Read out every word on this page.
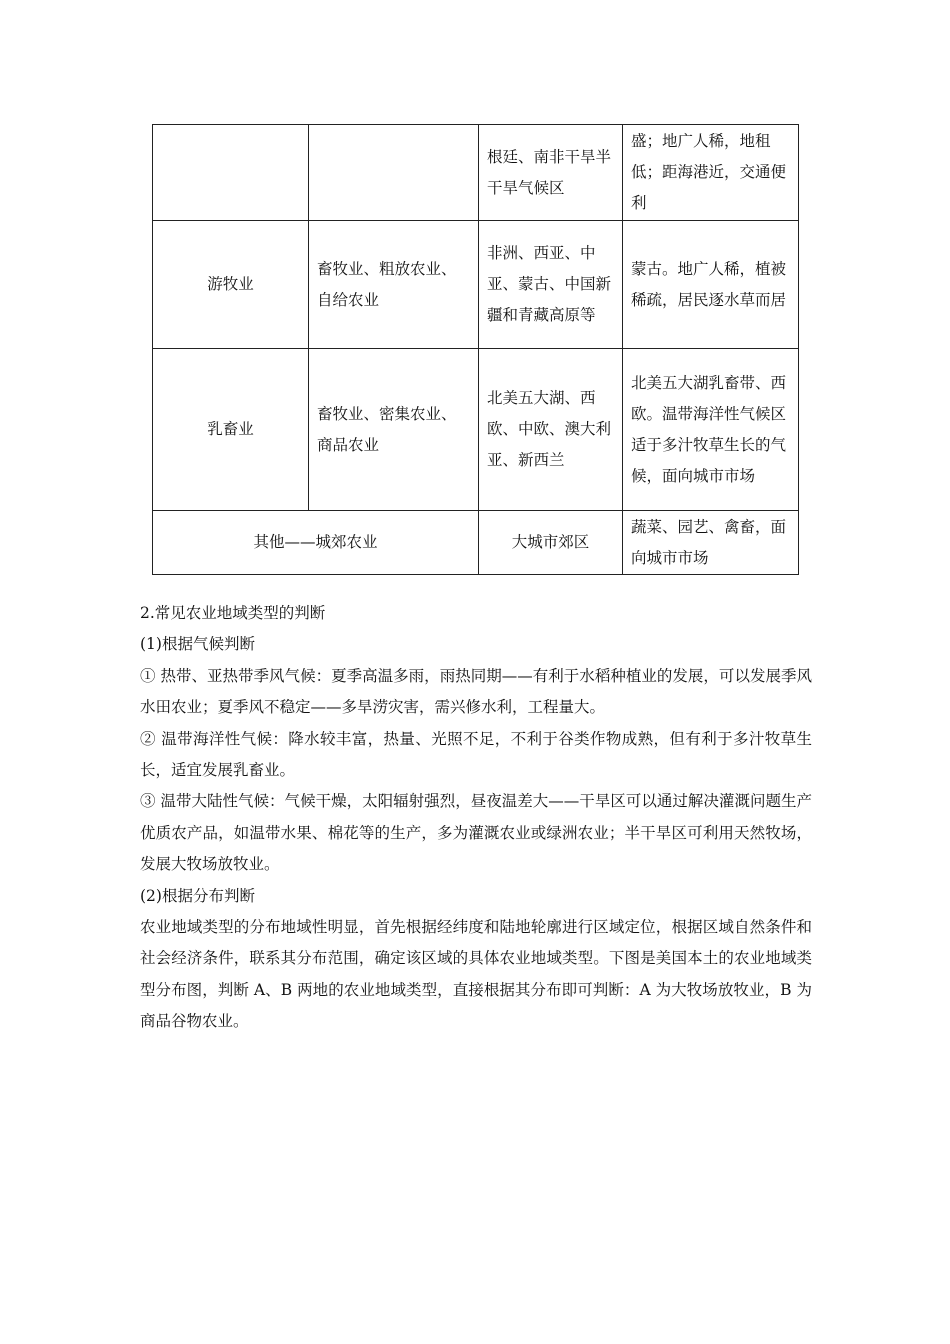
		根廷、南非干旱半干旱气候区	盛；地广人稀，地租低；距海港近，交通便利
游牧业	畜牧业、粗放农业、自给农业	非洲、西亚、中亚、蒙古、中国新疆和青藏高原等	蒙古。地广人稀，植被稀疏，居民逐水草而居
乳畜业	畜牧业、密集农业、商品农业	北美五大湖、西欧、中欧、澳大利亚、新西兰	北美五大湖乳畜带、西欧。温带海洋性气候区适于多汁牧草生长的气候，面向城市市场
其他——城郊农业		大城市郊区	蔬菜、园艺、禽畜，面向城市市场

2.常见农业地域类型的判断

(1)根据气候判断

① 热带、亚热带季风气候：夏季高温多雨，雨热同期——有利于水稻种植业的发展，可以发展季风水田农业；夏季风不稳定——多旱涝灾害，需兴修水利，工程量大。

② 温带海洋性气候：降水较丰富，热量、光照不足，不利于谷类作物成熟，但有利于多汁牧草生长，适宜发展乳畜业。

③ 温带大陆性气候：气候干燥，太阳辐射强烈，昼夜温差大——干旱区可以通过解决灌溉问题生产优质农产品，如温带水果、棉花等的生产，多为灌溉农业或绿洲农业；半干旱区可利用天然牧场，发展大牧场放牧业。

(2)根据分布判断

农业地域类型的分布地域性明显，首先根据经纬度和陆地轮廓进行区域定位，根据区域自然条件和社会经济条件，联系其分布范围，确定该区域的具体农业地域类型。下图是美国本土的农业地域类型分布图，判断 A、B 两地的农业地域类型，直接根据其分布即可判断：A 为大牧场放牧业，B 为商品谷物农业。
